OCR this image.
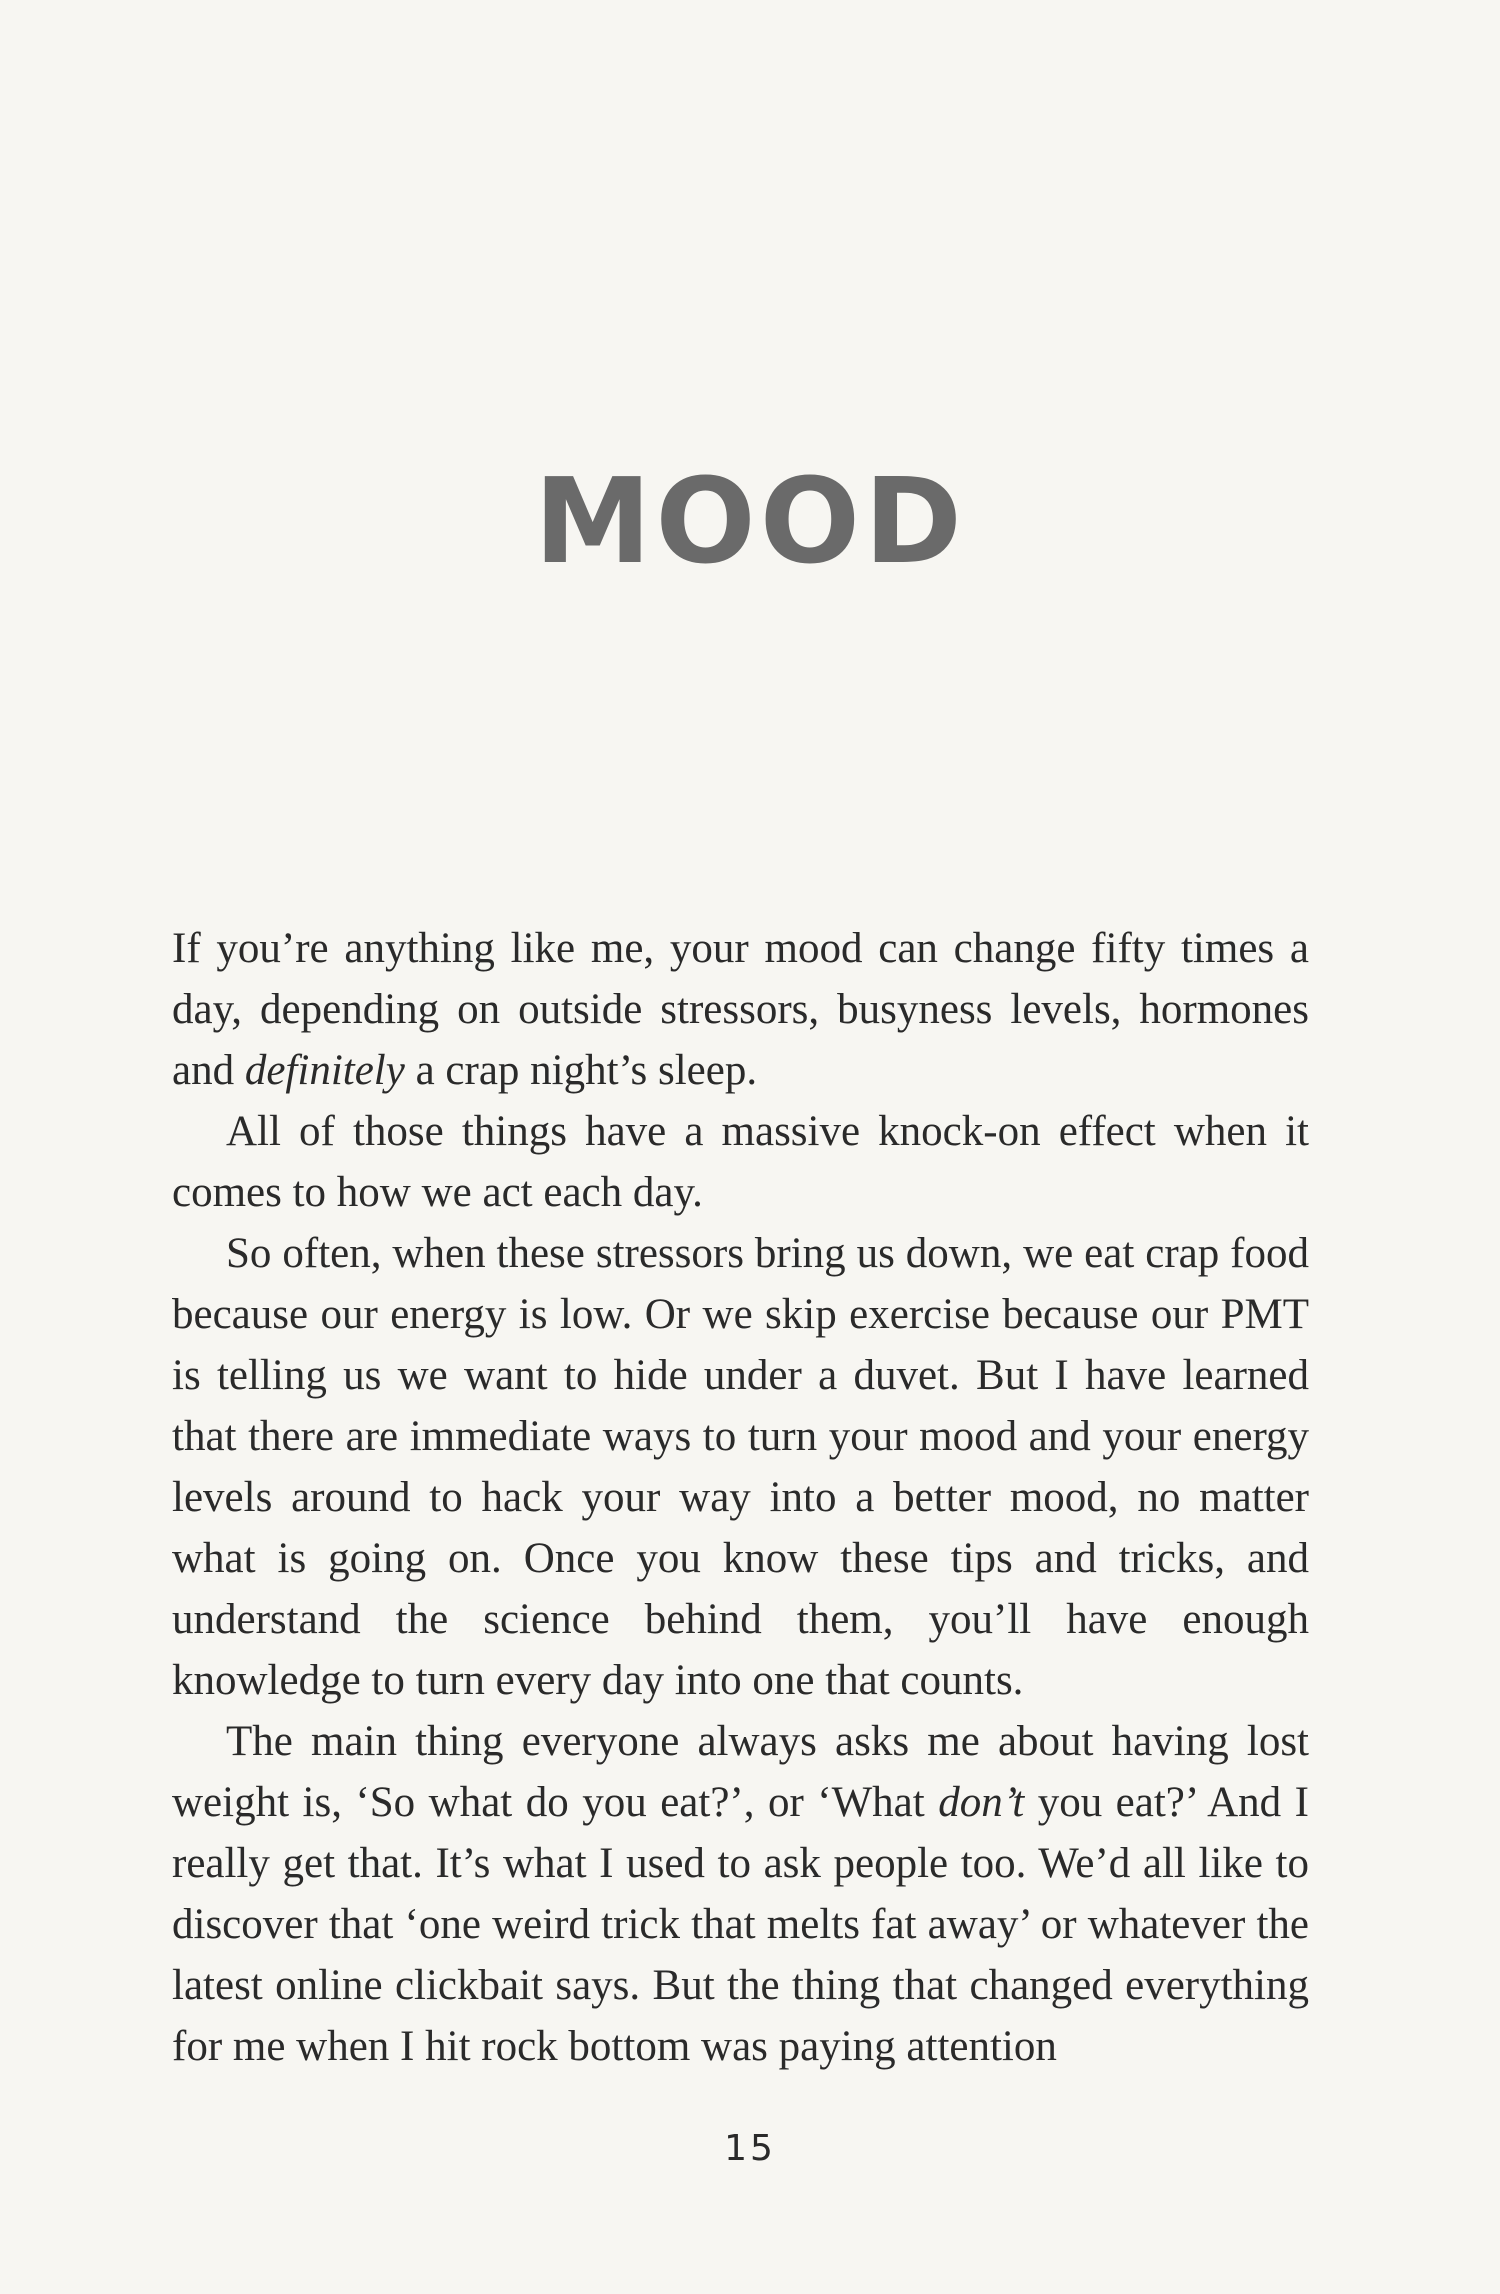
MOOD

If you’re anything like me, your mood can change fifty times a day, depending on outside stressors, busyness levels, hormones and definitely a crap night’s sleep.

All of those things have a massive knock-on effect when it comes to how we act each day.

So often, when these stressors bring us down, we eat crap food because our energy is low. Or we skip exercise because our PMT is telling us we want to hide under a duvet. But I have learned that there are immediate ways to turn your mood and your energy levels around to hack your way into a better mood, no matter what is going on. Once you know these tips and tricks, and understand the science behind them, you’ll have enough knowledge to turn every day into one that counts.

The main thing everyone always asks me about having lost weight is, ‘So what do you eat?’, or ‘What don’t you eat?’ And I really get that. It’s what I used to ask people too. We’d all like to discover that ‘one weird trick that melts fat away’ or whatever the latest online clickbait says. But the thing that changed everything for me when I hit rock bottom was paying attention

15
